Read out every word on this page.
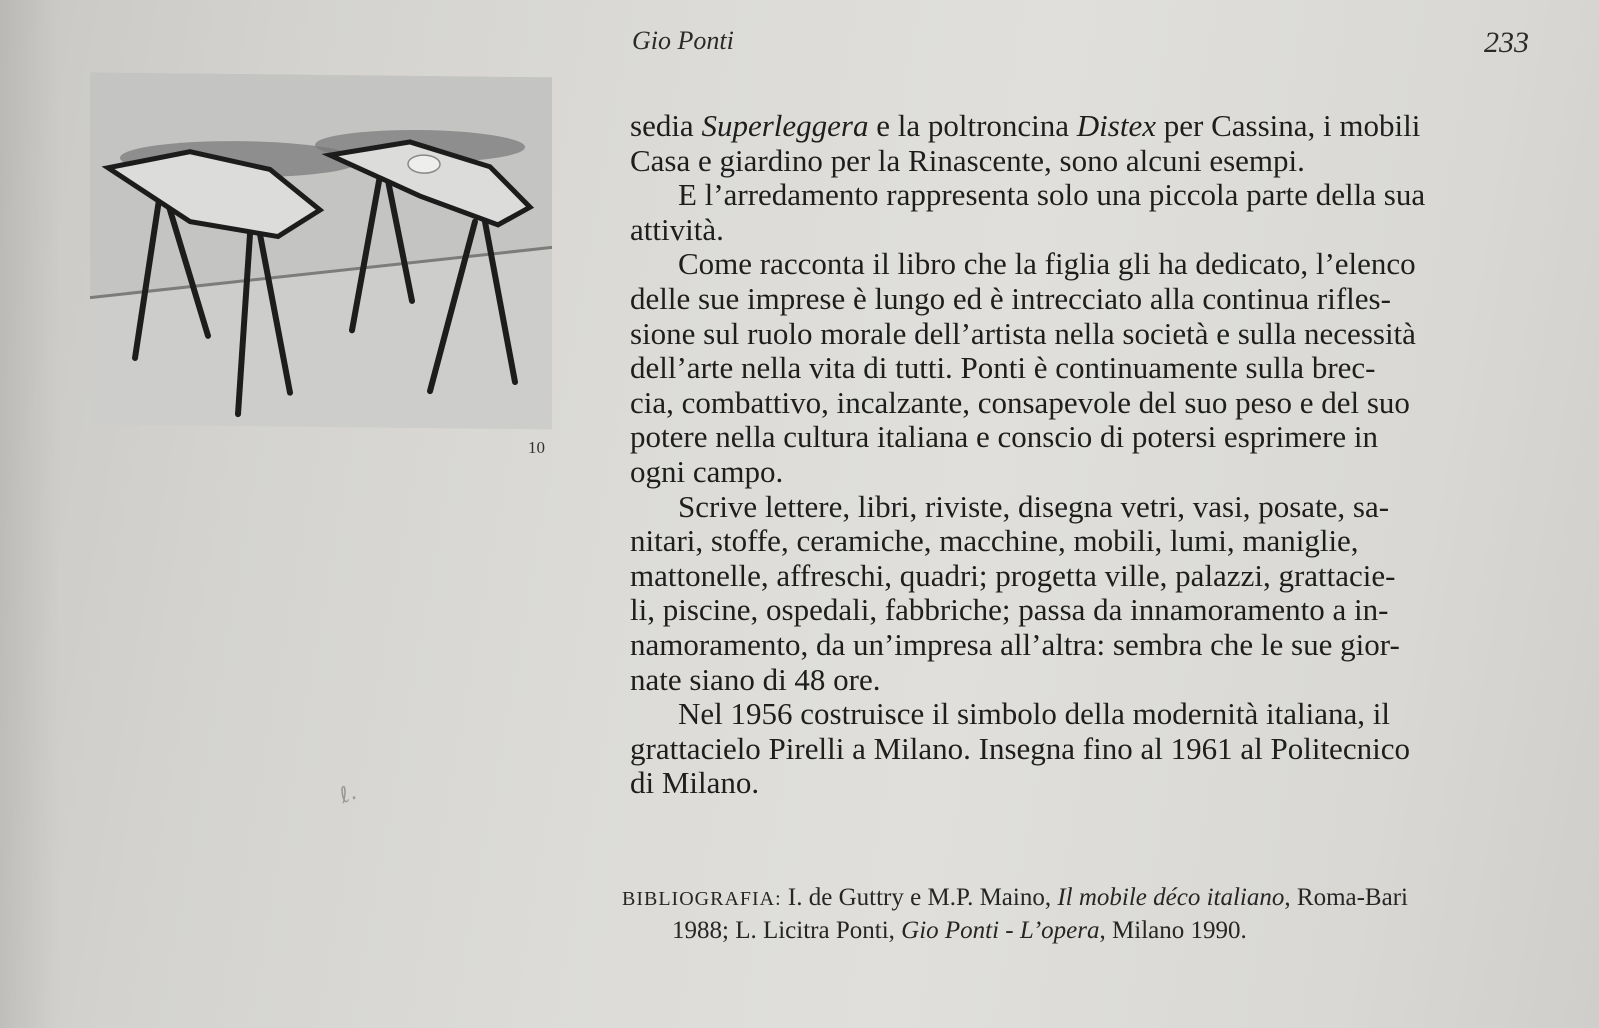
Gio Ponti	233
10

sedia Superleggera e la poltroncina Distex per Cassina, i mobili
Casa e giardino per la Rinascente, sono alcuni esempi.

E l’arredamento rappresenta solo una piccola parte della sua
attività.

Come racconta il libro che la figlia gli ha dedicato, l’elenco
delle sue imprese è lungo ed è intrecciato alla continua rifles-
sione sul ruolo morale dell’artista nella società e sulla necessità
dell’arte nella vita di tutti. Ponti è continuamente sulla brec-
cia, combattivo, incalzante, consapevole del suo peso e del suo
potere nella cultura italiana e conscio di potersi esprimere in
ogni campo.

Scrive lettere, libri, riviste, disegna vetri, vasi, posate, sa-
nitari, stoffe, ceramiche, macchine, mobili, lumi, maniglie,
mattonelle, affreschi, quadri; progetta ville, palazzi, grattacie-
li, piscine, ospedali, fabbriche; passa da innamoramento a in-
namoramento, da un’impresa all’altra: sembra che le sue gior-
nate siano di 48 ore.

Nel 1956 costruisce il simbolo della modernità italiana, il
grattacielo Pirelli a Milano. Insegna fino al 1961 al Politecnico
di Milano.

BIBLIOGRAFIA: I. de Guttry e M.P. Maino, Il mobile déco italiano, Roma-Bari
1988; L. Licitra Ponti, Gio Ponti - L’opera, Milano 1990.
ℓ.
